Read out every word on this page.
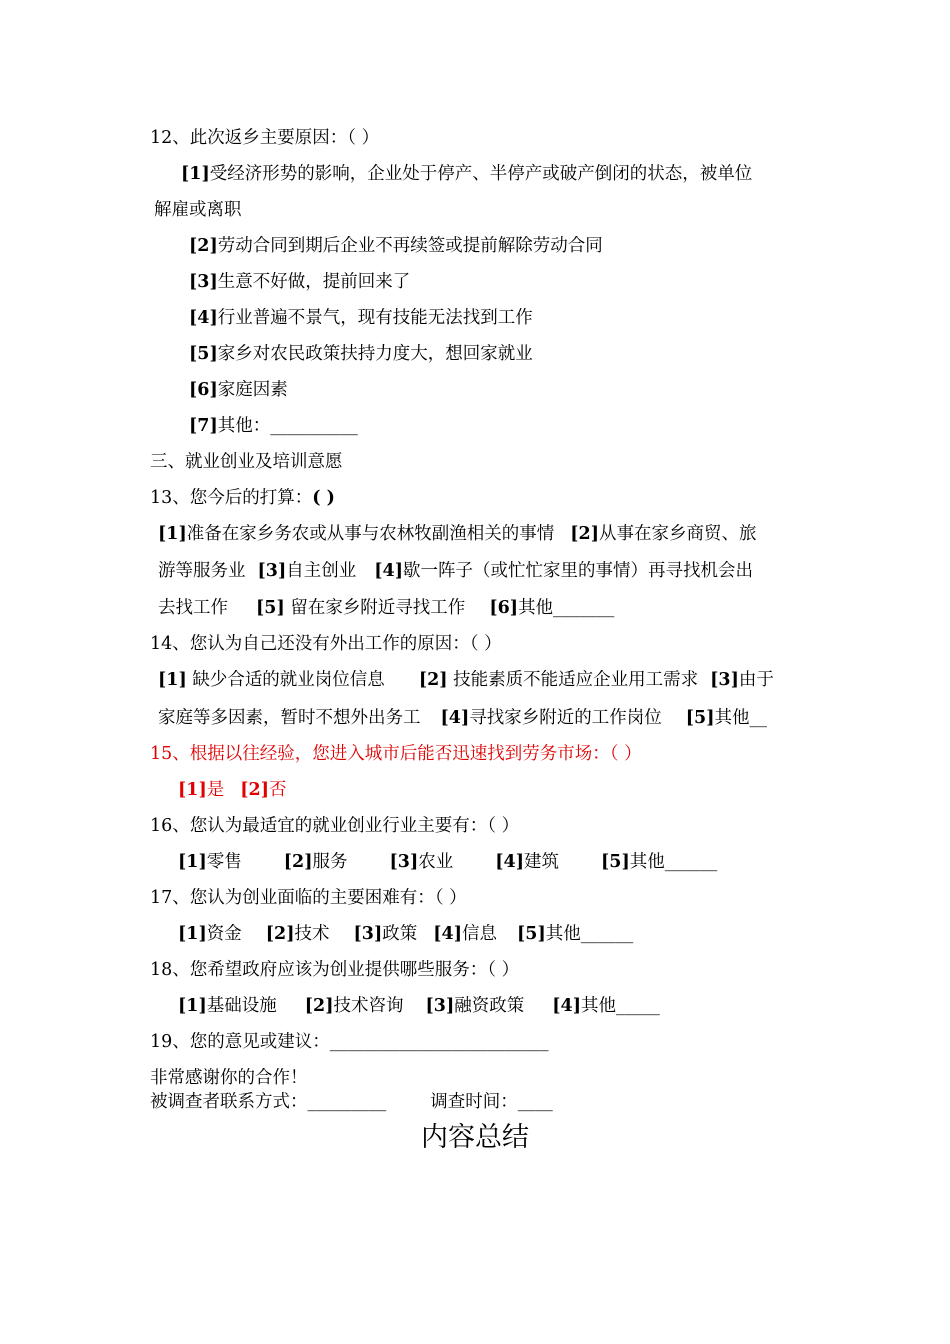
12、此次返乡主要原因：（ ）
[1]受经济形势的影响，企业处于停产、半停产或破产倒闭的状态，被单位
解雇或离职
[2]劳动合同到期后企业不再续签或提前解除劳动合同
[3]生意不好做，提前回来了
[4]行业普遍不景气，现有技能无法找到工作
[5]家乡对农民政策扶持力度大，想回家就业
[6]家庭因素
[7]其他：__________
三、就业创业及培训意愿
13、您今后的打算：( )
[1]准备在家乡务农或从事与农林牧副渔相关的事情 [2]从事在家乡商贸、旅
游等服务业 [3]自主创业 [4]歇一阵子（或忙忙家里的事情）再寻找机会出
去找工作 [5] 留在家乡附近寻找工作 [6]其他_______
14、您认为自己还没有外出工作的原因：（ ）
[1] 缺少合适的就业岗位信息 [2] 技能素质不能适应企业用工需求 [3]由于
家庭等多因素，暂时不想外出务工 [4]寻找家乡附近的工作岗位 [5]其他__
15、根据以往经验，您进入城市后能否迅速找到劳务市场：（ ）
[1]是 [2]否
16、您认为最适宜的就业创业行业主要有：（ ）
[1]零售 [2]服务 [3]农业 [4]建筑 [5]其他______
17、您认为创业面临的主要困难有：（ ）
[1]资金 [2]技术 [3]政策 [4]信息 [5]其他______
18、您希望政府应该为创业提供哪些服务：（ ）
[1]基础设施 [2]技术咨询 [3]融资政策 [4]其他_____
19、您的意见或建议：_________________________
非常感谢你的合作！
被调查者联系方式：_________	调查时间：____
内容总结
